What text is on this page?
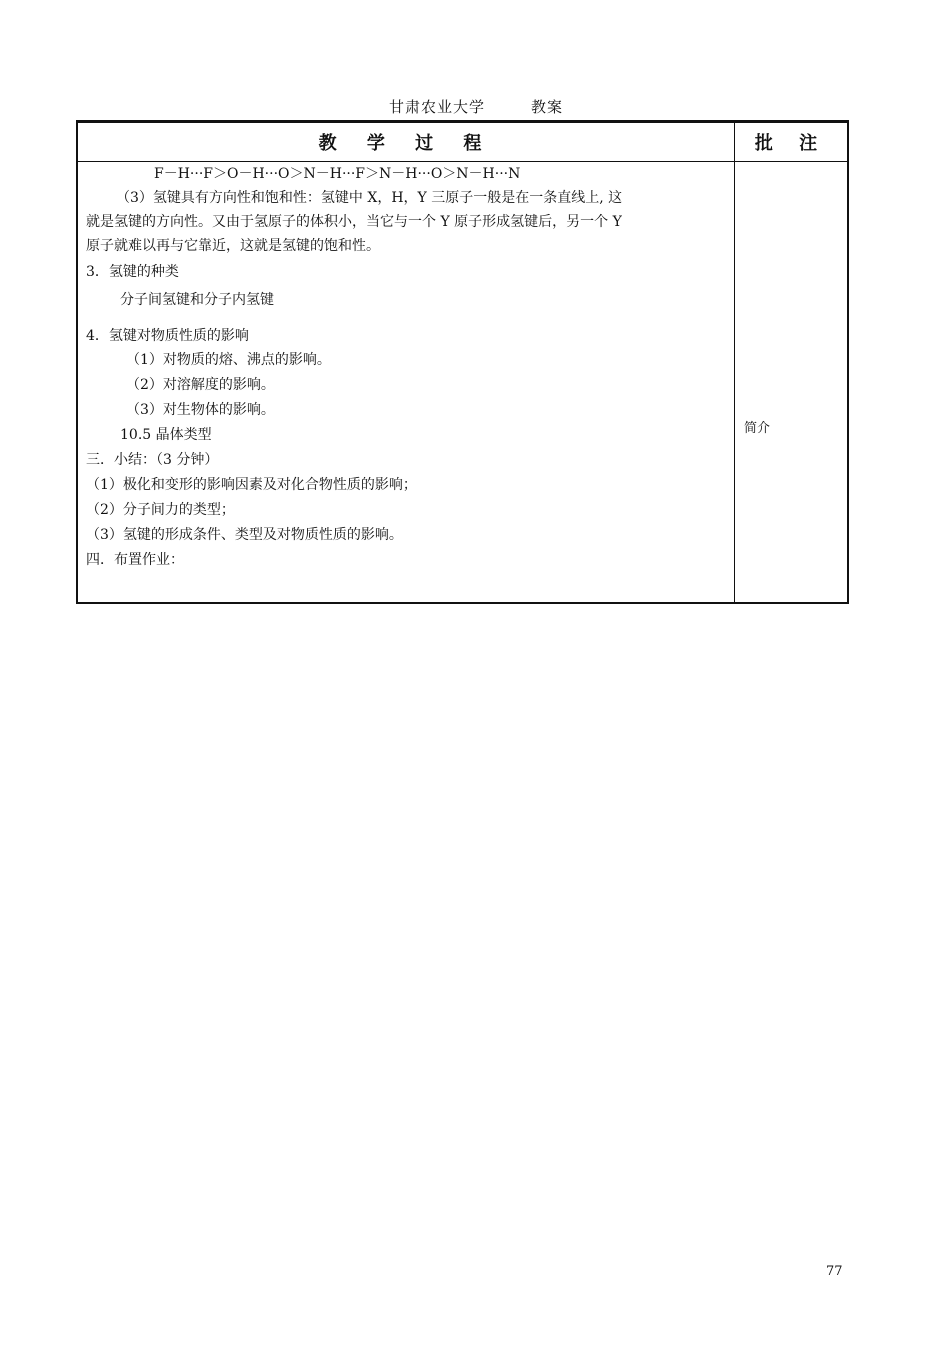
甘肃农业大学	教案
教 学 过 程	批 注
F－H···F＞O－H···O＞N－H···F＞N－H···O＞N－H···N
（3）氢键具有方向性和饱和性：氢键中 X，H，Y 三原子一般是在一条直线上, 这
就是氢键的方向性。又由于氢原子的体积小，当它与一个 Y 原子形成氢键后，另一个 Y
原子就难以再与它靠近，这就是氢键的饱和性。
3．氢键的种类
分子间氢键和分子内氢键
4．氢键对物质性质的影响
（1）对物质的熔、沸点的影响。
（2）对溶解度的影响。
（3）对生物体的影响。
10.5 晶体类型
三．小结：（3 分钟）
（1）极化和变形的影响因素及对化合物性质的影响；
（2）分子间力的类型；
（3）氢键的形成条件、类型及对物质性质的影响。
四．布置作业：
简介
77
